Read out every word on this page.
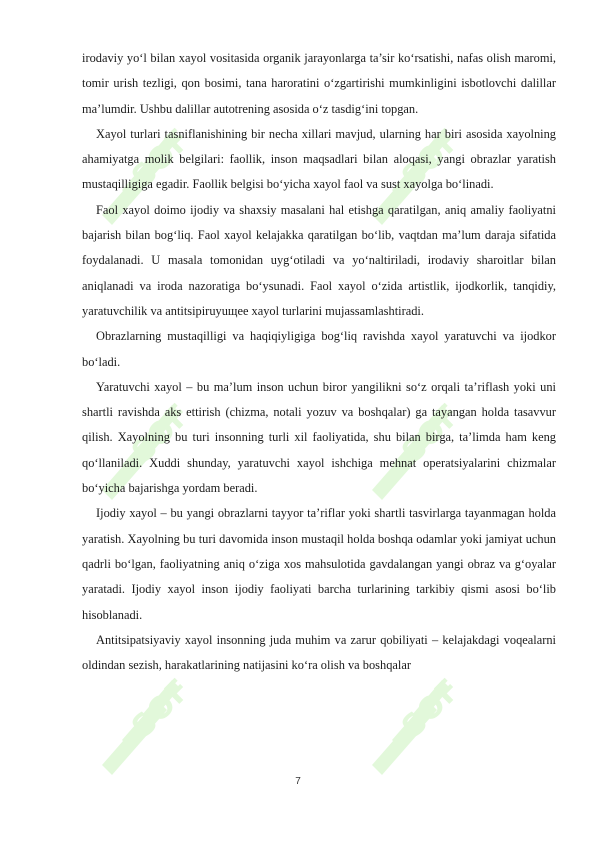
SOF	SOF
SOF	SOF
SOF	SOF

irodaviy yo‘l bilan xayol vositasida organik jarayonlarga ta’sir ko‘rsatishi, nafas olish maromi, tomir urish tezligi, qon bosimi, tana haroratini o‘zgartirishi mumkinligini isbotlovchi dalillar ma’lumdir. Ushbu dalillar autotrening asosida o‘z tasdig‘ini topgan.

Xayol turlari tasniflanishining bir necha xillari mavjud, ularning har biri asosida xayolning ahamiyatga molik belgilari: faollik, inson maqsadlari bilan aloqasi, yangi obrazlar yaratish mustaqilligiga egadir. Faollik belgisi bo‘yicha xayol faol va sust xayolga bo‘linadi.

Faol xayol doimo ijodiy va shaxsiy masalani hal etishga qaratilgan, aniq amaliy faoliyatni bajarish bilan bog‘liq. Faol xayol kelajakka qaratilgan bo‘lib, vaqtdan ma’lum daraja sifatida foydalanadi. U masala tomonidan uyg‘otiladi va yo‘naltiriladi, irodaviy sharoitlar bilan aniqlanadi va iroda nazoratiga bo‘ysunadi. Faol xayol o‘zida artistlik, ijodkorlik, tanqidiy, yaratuvchilik va antitsipiruyuщee xayol turlarini mujassamlashtiradi.

Obrazlarning mustaqilligi va haqiqiyligiga bog‘liq ravishda xayol yaratuvchi va ijodkor bo‘ladi.

Yaratuvchi xayol – bu ma’lum inson uchun biror yangilikni so‘z orqali ta’riflash yoki uni shartli ravishda aks ettirish (chizma, notali yozuv va boshqalar) ga tayangan holda tasavvur qilish. Xayolning bu turi insonning turli xil faoliyatida, shu bilan birga, ta’limda ham keng qo‘llaniladi. Xuddi shunday, yaratuvchi xayol ishchiga mehnat operatsiyalarini chizmalar bo‘yicha bajarishga yordam beradi.

Ijodiy xayol – bu yangi obrazlarni tayyor ta’riflar yoki shartli tasvirlarga tayanmagan holda yaratish. Xayolning bu turi davomida inson mustaqil holda boshqa odamlar yoki jamiyat uchun qadrli bo‘lgan, faoliyatning aniq o‘ziga xos mahsulotida gavdalangan yangi obraz va g‘oyalar yaratadi. Ijodiy xayol inson ijodiy faoliyati barcha turlarining tarkibiy qismi asosi bo‘lib hisoblanadi.

Antitsipatsiyaviy xayol insonning juda muhim va zarur qobiliyati – kelajakdagi voqealarni oldindan sezish, harakatlarining natijasini ko‘ra olish va boshqalar

7
